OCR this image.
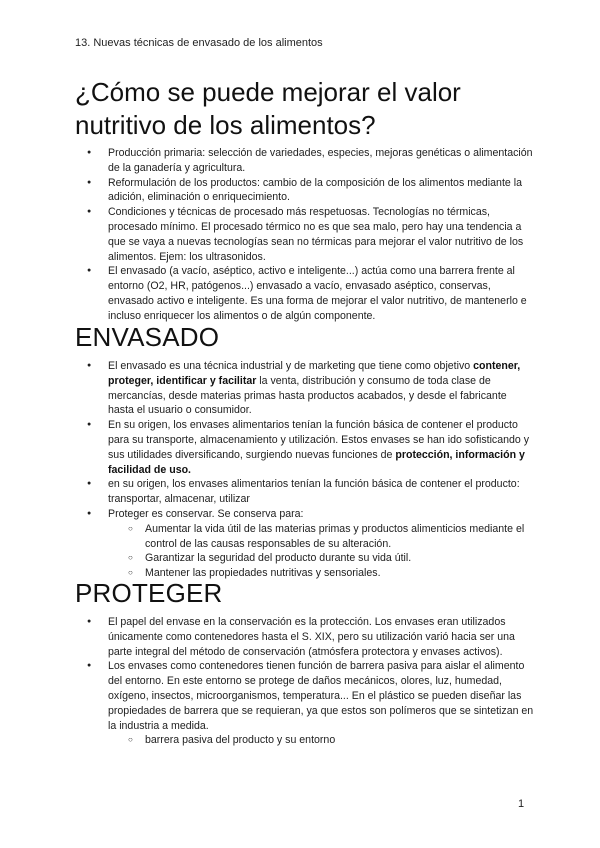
13. Nuevas técnicas de envasado de los alimentos
¿Cómo se puede mejorar el valor nutritivo de los alimentos?
● Producción primaria: selección de variedades, especies, mejoras genéticas o alimentación de la ganadería y agricultura.
● Reformulación de los productos: cambio de la composición de los alimentos mediante la adición, eliminación o enriquecimiento.
● Condiciones y técnicas de procesado más respetuosas. Tecnologías no térmicas, procesado mínimo. El procesado térmico no es que sea malo, pero hay una tendencia a que se vaya a nuevas tecnologías sean no térmicas para mejorar el valor nutritivo de los alimentos. Ejem: los ultrasonidos.
● El envasado (a vacío, aséptico, activo e inteligente...) actúa como una barrera frente al entorno (O2, HR, patógenos...) envasado a vacío, envasado aséptico, conservas, envasado activo e inteligente. Es una forma de mejorar el valor nutritivo, de mantenerlo e incluso enriquecer los alimentos o de algún componente.
ENVASADO
● El envasado es una técnica industrial y de marketing que tiene como objetivo contener, proteger, identificar y facilitar la venta, distribución y consumo de toda clase de mercancías, desde materias primas hasta productos acabados, y desde el fabricante hasta el usuario o consumidor.
● En su origen, los envases alimentarios tenían la función básica de contener el producto para su transporte, almacenamiento y utilización. Estos envases se han ido sofisticando y sus utilidades diversificando, surgiendo nuevas funciones de protección, información y facilidad de uso.
● en su origen, los envases alimentarios tenían la función básica de contener el producto: transportar, almacenar, utilizar
● Proteger es conservar. Se conserva para:
○ Aumentar la vida útil de las materias primas y productos alimenticios mediante el control de las causas responsables de su alteración.
○ Garantizar la seguridad del producto durante su vida útil.
○ Mantener las propiedades nutritivas y sensoriales.
PROTEGER
● El papel del envase en la conservación es la protección. Los envases eran utilizados únicamente como contenedores hasta el S. XIX, pero su utilización varió hacia ser una parte integral del método de conservación (atmósfera protectora y envases activos).
● Los envases como contenedores tienen función de barrera pasiva para aislar el alimento del entorno. En este entorno se protege de daños mecánicos, olores, luz, humedad, oxígeno, insectos, microorganismos, temperatura... En el plástico se pueden diseñar las propiedades de barrera que se requieran, ya que estos son polímeros que se sintetizan en la industria a medida.
○ barrera pasiva del producto y su entorno
1
